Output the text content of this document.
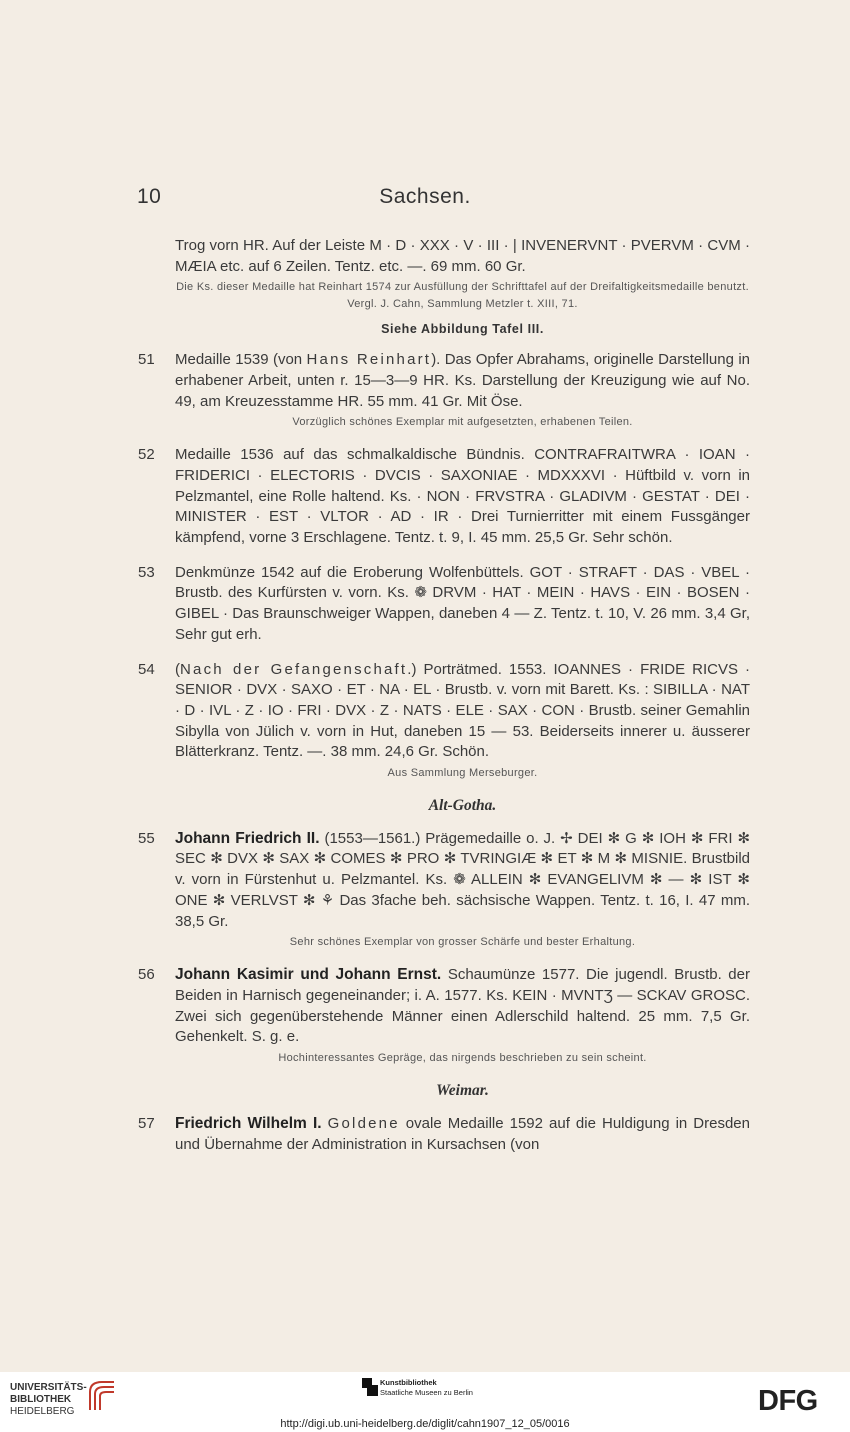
10	Sachsen.

Trog vorn HR. Auf der Leiste M · D · XXX · V · III · | INVENERVNT · PVERVM · CVM · MÆIA etc. auf 6 Zeilen. Tentz. etc. —. 69 mm. 60 Gr.

Die Ks. dieser Medaille hat Reinhart 1574 zur Ausfüllung der Schrifttafel auf der Dreifaltigkeitsmedaille benutzt. Vergl. J. Cahn, Sammlung Metzler t. XIII, 71.
Siehe Abbildung Tafel III.
51 Medaille 1539 (von Hans Reinhart). Das Opfer Abrahams, originelle Darstellung in erhabener Arbeit, unten r. 15—3—9 HR. Ks. Darstellung der Kreuzigung wie auf No. 49, am Kreuzesstamme HR. 55 mm. 41 Gr. Mit Öse.

Vorzüglich schönes Exemplar mit aufgesetzten, erhabenen Teilen.
52 Medaille 1536 auf das schmalkaldische Bündnis. CONTRAFRAITWRA · IOAN · FRIDERICI · ELECTORIS · DVCIS · SAXONIAE · MDXXXVI · Hüftbild v. vorn in Pelzmantel, eine Rolle haltend. Ks. · NON · FRVSTRA · GLADIVM · GESTAT · DEI · MINISTER · EST · VLTOR · AD · IR · Drei Turnierritter mit einem Fussgänger kämpfend, vorne 3 Erschlagene. Tentz. t. 9, I. 45 mm. 25,5 Gr. Sehr schön.

53 Denkmünze 1542 auf die Eroberung Wolfenbüttels. GOT · STRAFT · DAS · VBEL · Brustb. des Kurfürsten v. vorn. Ks. ❁ DRVM · HAT · MEIN · HAVS · EIN · BOSEN · GIBEL · Das Braunschweiger Wappen, daneben 4 — Z. Tentz. t. 10, V. 26 mm. 3,4 Gr, Sehr gut erh.

54 (Nach der Gefangenschaft.) Porträtmed. 1553. IOANNES · FRIDE RICVS · SENIOR · DVX · SAXO · ET · NA · EL · Brustb. v. vorn mit Barett. Ks. : SIBILLA · NAT · D · IVL · Z · IO · FRI · DVX · Z · NATS · ELE · SAX · CON · Brustb. seiner Gemahlin Sibylla von Jülich v. vorn in Hut, daneben 15 — 53. Beiderseits innerer u. äusserer Blätterkranz. Tentz. —. 38 mm. 24,6 Gr. Schön.

Aus Sammlung Merseburger.
Alt-Gotha.
55 Johann Friedrich II. (1553—1561.) Prägemedaille o. J. ✢ DEI ✻ G ✻ IOH ✻ FRI ✻ SEC ✻ DVX ✻ SAX ✻ COMES ✻ PRO ✻ TVRINGIÆ ✻ ET ✻ M ✻ MISNIE. Brustbild v. vorn in Fürstenhut u. Pelzmantel. Ks. ❁ ALLEIN ✻ EVANGELIVM ✻ — ✻ IST ✻ ONE ✻ VERLVST ✻ ⚘ Das 3fache beh. sächsische Wappen. Tentz. t. 16, I. 47 mm. 38,5 Gr.

Sehr schönes Exemplar von grosser Schärfe und bester Erhaltung.
56 Johann Kasimir und Johann Ernst. Schaumünze 1577. Die jugendl. Brustb. der Beiden in Harnisch gegeneinander; i. A. 1577. Ks. KEIN · MVNTƷ — SCKAV GROSC. Zwei sich gegenüberstehende Männer einen Adlerschild haltend. 25 mm. 7,5 Gr. Gehenkelt. S. g. e.

Hochinteressantes Gepräge, das nirgends beschrieben zu sein scheint.
Weimar.
57 Friedrich Wilhelm I. Goldene ovale Medaille 1592 auf die Huldigung in Dresden und Übernahme der Administration in Kursachsen (von

UNIVERSITÄTS-
BIBLIOTHEK
HEIDELBERG
Kunstbibliothek
Staatliche Museen zu Berlin	DFG
http://digi.ub.uni-heidelberg.de/diglit/cahn1907_12_05/0016
